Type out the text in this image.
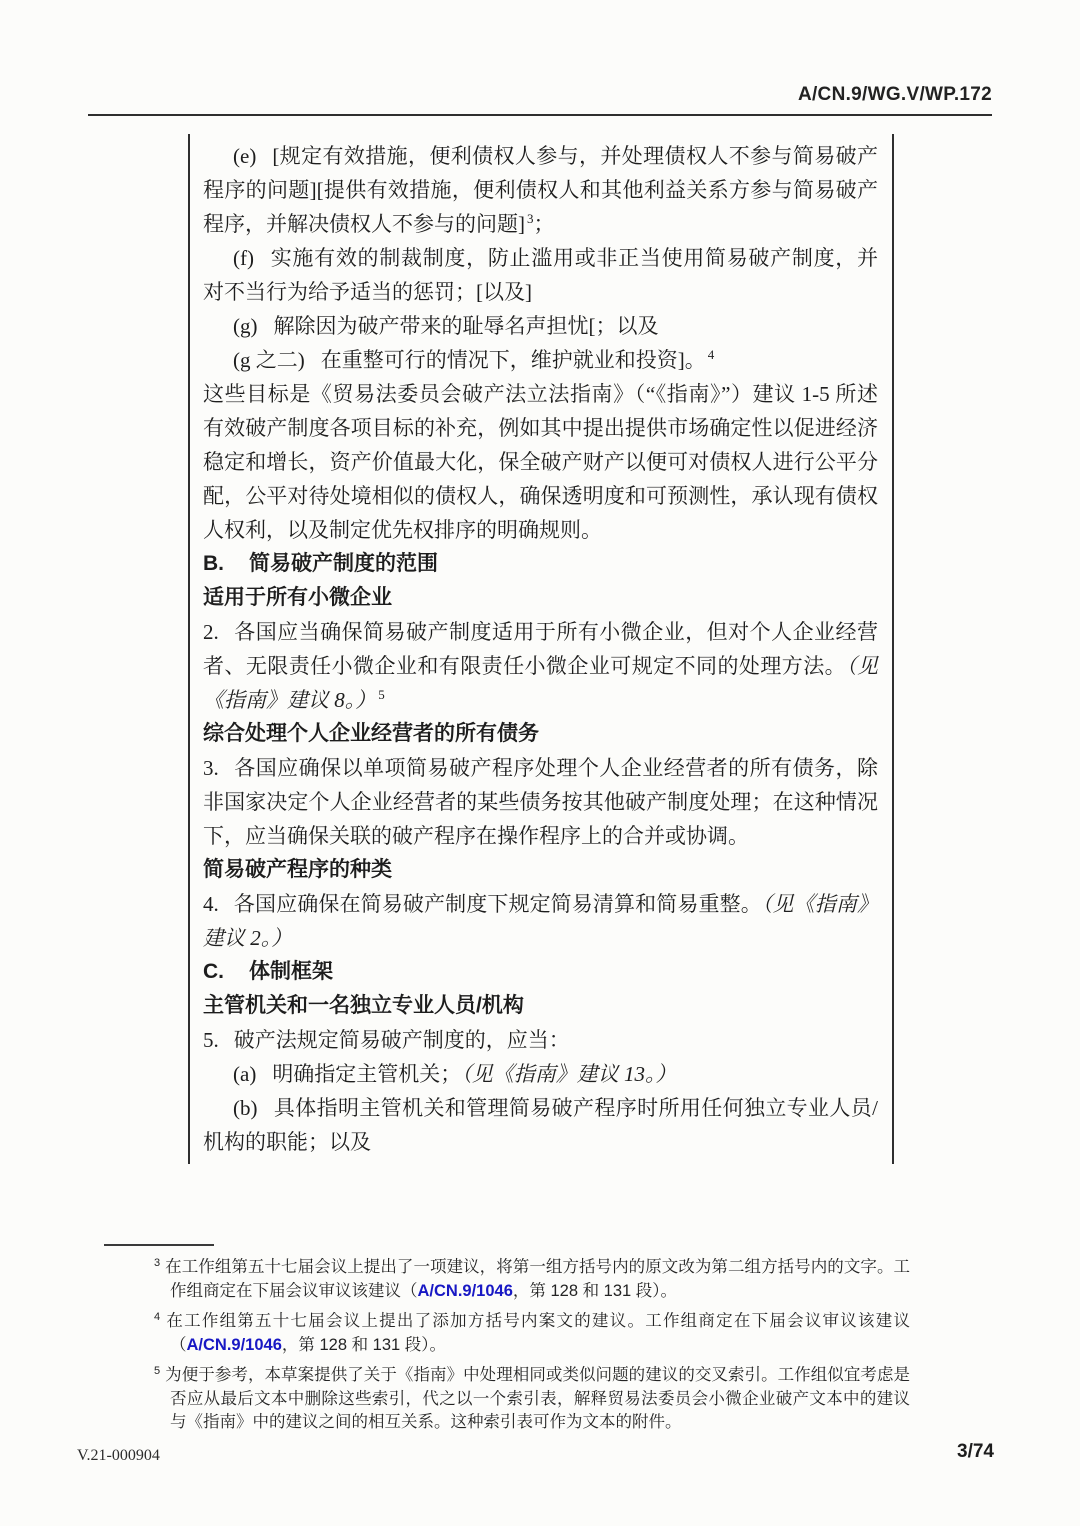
A/CN.9/WG.V/WP.172

(e) [规定有效措施，便利债权人参与，并处理债权人不参与简易破产程序的问题][提供有效措施，便利债权人和其他利益关系方参与简易破产程序，并解决债权人不参与的问题] $^3$；

(f) 实施有效的制裁制度，防止滥用或非正当使用简易破产制度，并对不当行为给予适当的惩罚；[以及]

(g) 解除因为破产带来的耻辱名声担忧[；以及

(g 之二) 在重整可行的情况下，维护就业和投资]。 $^4$

这些目标是《贸易法委员会破产法立法指南》（“《指南》”）建议 1-5 所述有效破产制度各项目标的补充，例如其中提出提供市场确定性以促进经济稳定和增长，资产价值最大化，保全破产财产以便可对债权人进行公平分配，公平对待处境相似的债权人，确保透明度和可预测性，承认现有债权人权利，以及制定优先权排序的明确规则。

B. 简易破产制度的范围

适用于所有小微企业

2. 各国应当确保简易破产制度适用于所有小微企业，但对个人企业经营者、无限责任小微企业和有限责任小微企业可规定不同的处理方法。（见《指南》建议 8。） $^5$

综合处理个人企业经营者的所有债务

3. 各国应确保以单项简易破产程序处理个人企业经营者的所有债务，除非国家决定个人企业经营者的某些债务按其他破产制度处理；在这种情况下，应当确保关联的破产程序在操作程序上的合并或协调。

简易破产程序的种类

4. 各国应确保在简易破产制度下规定简易清算和简易重整。（见《指南》建议 2。）

C. 体制框架

主管机关和一名独立专业人员/机构

5. 破产法规定简易破产制度的，应当：

(a) 明确指定主管机关；（见《指南》建议 13。）

(b) 具体指明主管机关和管理简易破产程序时所用任何独立专业人员/机构的职能；以及

$^3$ 在工作组第五十七届会议上提出了一项建议，将第一组方括号内的原文改为第二组方括号内的文字。工作组商定在下届会议审议该建议（A/CN.9/1046，第 128 和 131 段）。

$^4$ 在工作组第五十七届会议上提出了添加方括号内案文的建议。工作组商定在下届会议审议该建议（A/CN.9/1046，第 128 和 131 段）。

$^5$ 为便于参考，本草案提供了关于《指南》中处理相同或类似问题的建议的交叉索引。工作组似宜考虑是否应从最后文本中删除这些索引，代之以一个索引表，解释贸易法委员会小微企业破产文本中的建议与《指南》中的建议之间的相互关系。这种索引表可作为文本的附件。

V.21-000904	3/74
